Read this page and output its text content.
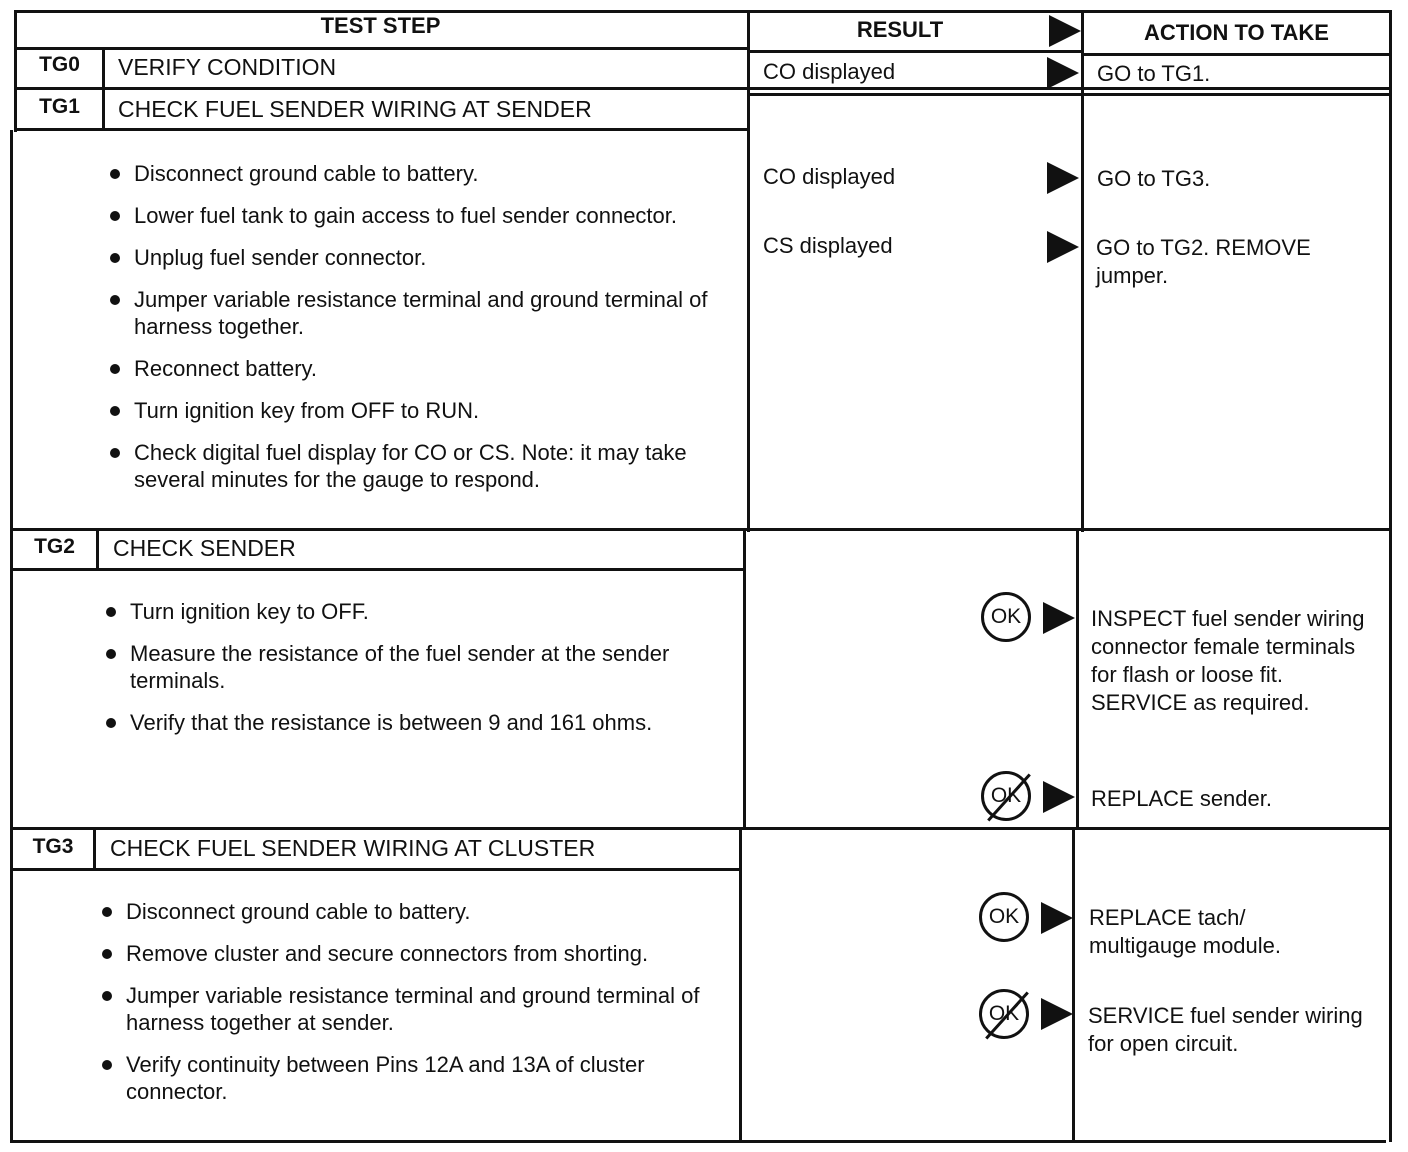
TEST STEP	RESULT	ACTION TO TAKE
TG0	VERIFY CONDITION	CO displayed	GO to TG1.
TG1	CHECK FUEL SENDER WIRING AT SENDER
Disconnect ground cable to battery.
Lower fuel tank to gain access to fuel sender connector.
Unplug fuel sender connector.
Jumper variable resistance terminal and ground terminal of harness together.
Reconnect battery.
Turn ignition key from OFF to RUN.
Check digital fuel display for CO or CS. Note: it may take several minutes for the gauge to respond.
CO displayed	GO to TG3.
CS displayed	GO to TG2. REMOVE jumper.
TG2	CHECK SENDER
Turn ignition key to OFF.
Measure the resistance of the fuel sender at the sender terminals.
Verify that the resistance is between 9 and 161 ohms.
OK	INSPECT fuel sender wiring connector female terminals for flash or loose fit. SERVICE as required.
OK	REPLACE sender.
TG3	CHECK FUEL SENDER WIRING AT CLUSTER
Disconnect ground cable to battery.
Remove cluster and secure connectors from shorting.
Jumper variable resistance terminal and ground terminal of harness together at sender.
Verify continuity between Pins 12A and 13A of cluster connector.
OK	REPLACE tach/ multigauge module.
OK	SERVICE fuel sender wiring for open circuit.
